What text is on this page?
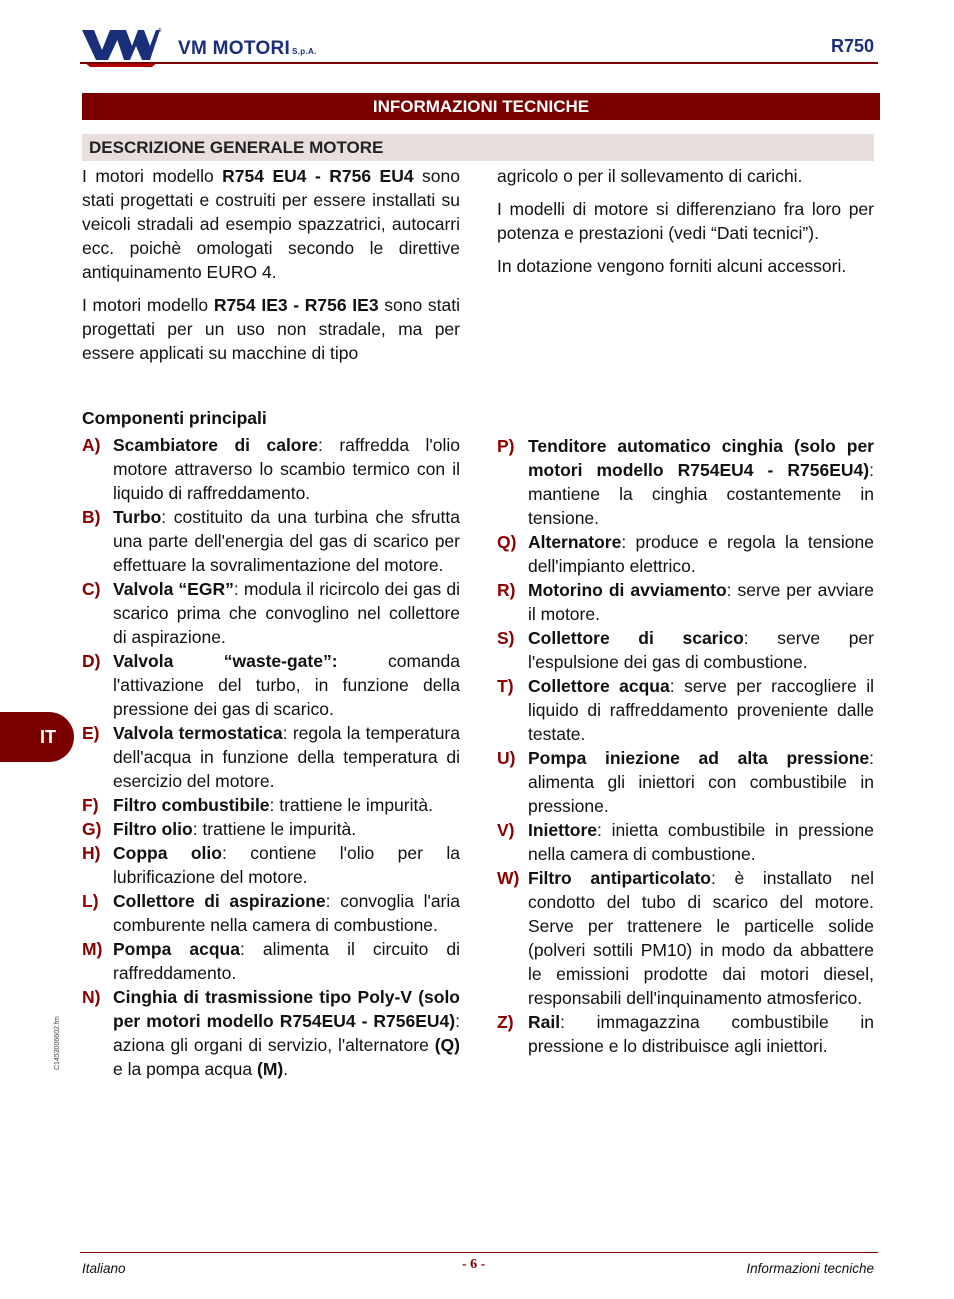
®
VM MOTORI S.p.A.	R750
INFORMAZIONI TECNICHE
DESCRIZIONE GENERALE MOTORE

I motori modello R754 EU4 - R756 EU4 sono stati progettati e costruiti per essere installati su veicoli stradali ad esempio spazzatrici, autocarri ecc. poichè omologati secondo le direttive antiquinamento EURO 4.

I motori modello R754 IE3 - R756 IE3 sono stati progettati per un uso non stradale, ma per essere applicati su macchine di tipo

agricolo o per il sollevamento di carichi.

I modelli di motore si differenziano fra loro per potenza e prestazioni (vedi “Dati tecnici”).

In dotazione vengono forniti alcuni accessori.

Componenti principali
A) Scambiatore di calore: raffredda l'olio motore attraverso lo scambio termico con il liquido di raffreddamento.
B) Turbo: costituito da una turbina che sfrutta una parte dell'energia del gas di scarico per effettuare la sovralimentazione del motore.
C) Valvola “EGR”: modula il ricircolo dei gas di scarico prima che convoglino nel collettore di aspirazione.
D) Valvola “waste-gate”: comanda l'attivazione del turbo, in funzione della pressione dei gas di scarico.
E) Valvola termostatica: regola la temperatura dell'acqua in funzione della temperatura di esercizio del motore.
F) Filtro combustibile: trattiene le impurità.
G) Filtro olio: trattiene le impurità.
H) Coppa olio: contiene l'olio per la lubrificazione del motore.
L) Collettore di aspirazione: convoglia l'aria comburente nella camera di combustione.
M) Pompa acqua: alimenta il circuito di raffreddamento.
N) Cinghia di trasmissione tipo Poly-V (solo per motori modello R754EU4 - R756EU4): aziona gli organi di servizio, l'alternatore (Q) e la pompa acqua (M).
P) Tenditore automatico cinghia (solo per motori modello R754EU4 - R756EU4): mantiene la cinghia costantemente in tensione.
Q) Alternatore: produce e regola la tensione dell'impianto elettrico.
R) Motorino di avviamento: serve per avviare il motore.
S) Collettore di scarico: serve per l'espulsione dei gas di combustione.
T) Collettore acqua: serve per raccogliere il liquido di raffreddamento proveniente dalle testate.
U) Pompa iniezione ad alta pressione: alimenta gli iniettori con combustibile in pressione.
V) Iniettore: inietta combustibile in pressione nella camera di combustione.
W) Filtro antiparticolato: è installato nel condotto del tubo di scarico del motore. Serve per trattenere le particelle solide (polveri sottili PM10) in modo da abbattere le emissioni prodotte dai motori diesel, responsabili dell'inquinamento atmosferico.
Z) Rail: immagazzina combustibile in pressione e lo distribuisce agli iniettori.
IT
C1453006602.fm
Italiano	- 6 -	Informazioni tecniche
